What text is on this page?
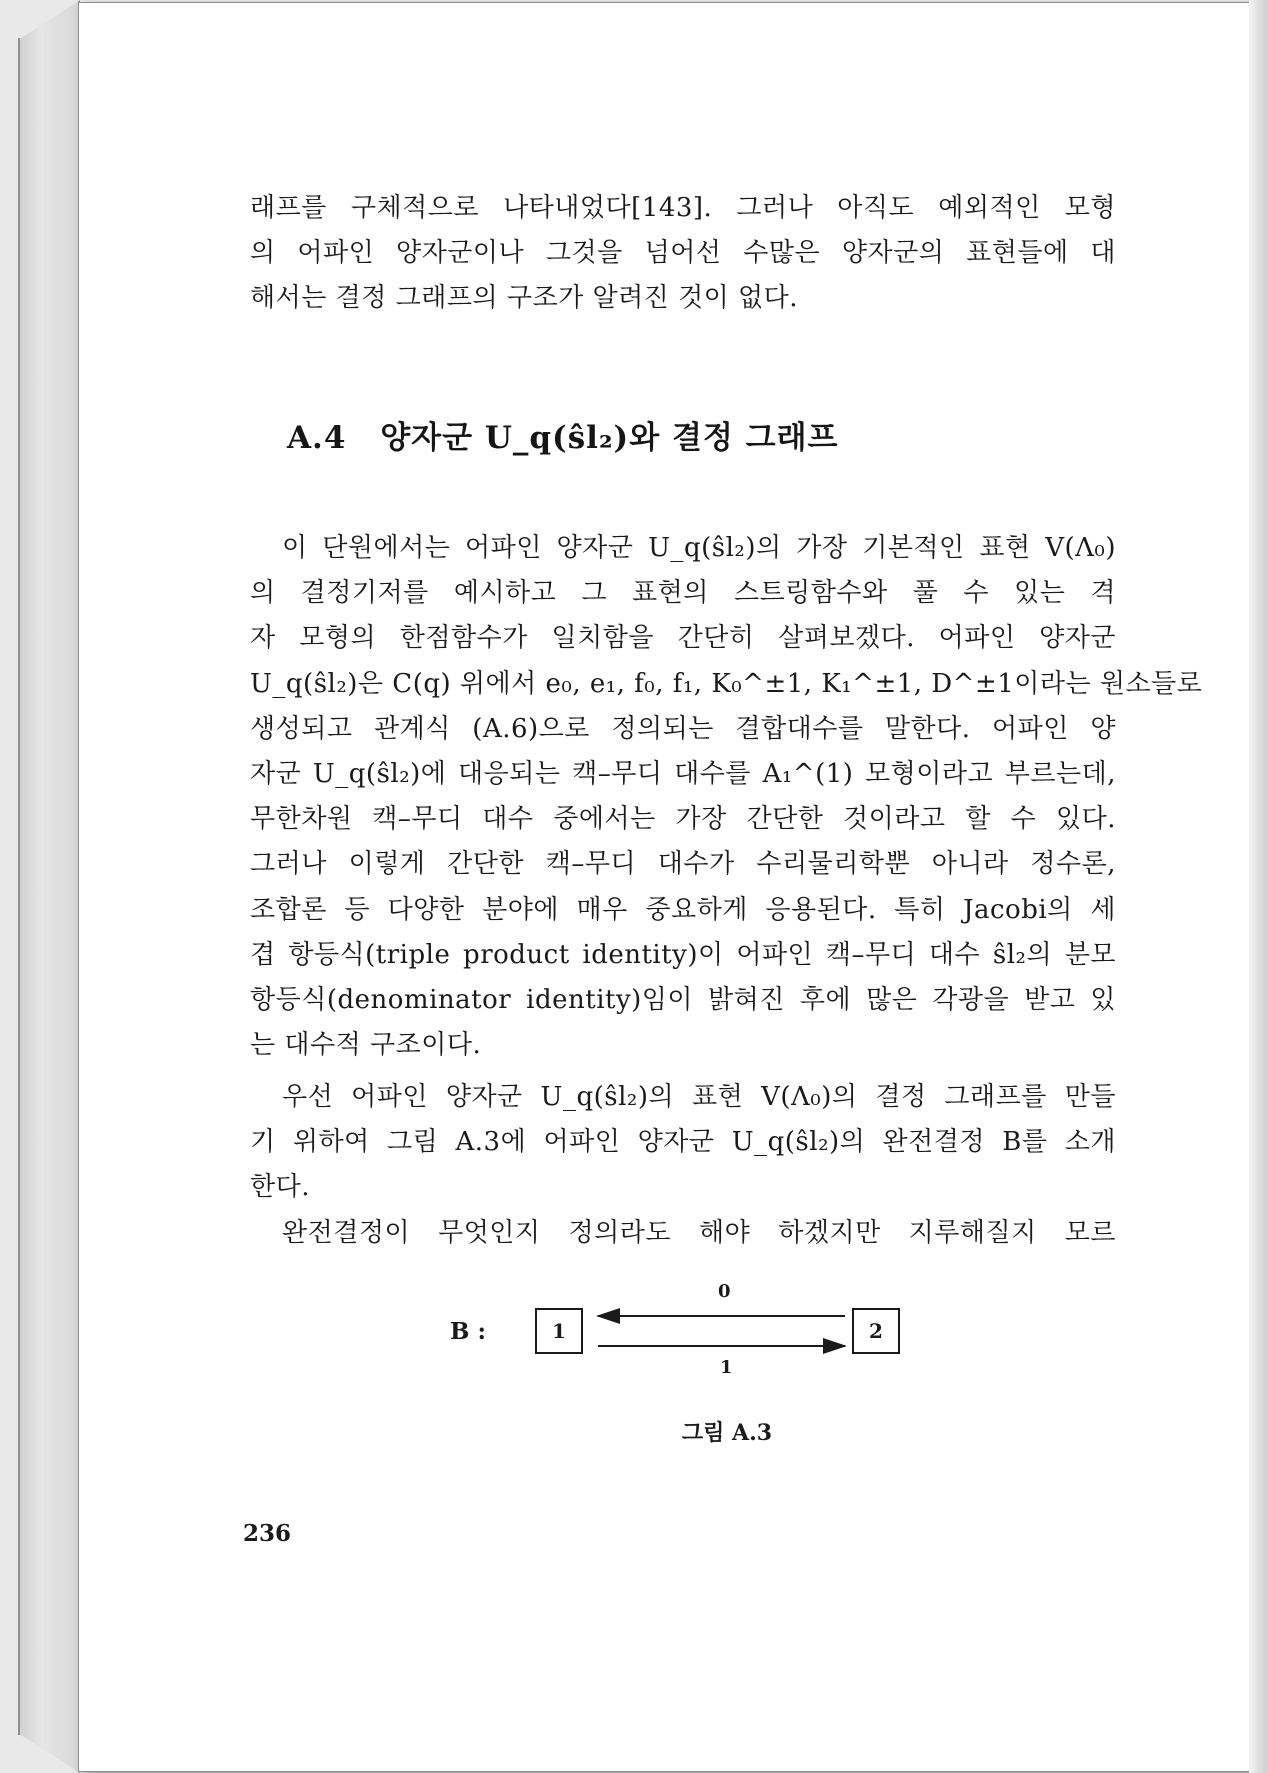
래프를 구체적으로 나타내었다[143]. 그러나 아직도 예외적인 모형
의 어파인 양자군이나 그것을 넘어선 수많은 양자군의 표현들에 대
해서는 결정 그래프의 구조가 알려진 것이 없다.
A.4 양자군 U_q(ŝl₂)와 결정 그래프
이 단원에서는 어파인 양자군 U_q(ŝl₂)의 가장 기본적인 표현 V(Λ₀)
의 결정기저를 예시하고 그 표현의 스트링함수와 풀 수 있는 격
자 모형의 한점함수가 일치함을 간단히 살펴보겠다. 어파인 양자군
U_q(ŝl₂)은 C(q) 위에서 e₀, e₁, f₀, f₁, K₀^±1, K₁^±1, D^±1이라는 원소들로
생성되고 관계식 (A.6)으로 정의되는 결합대수를 말한다. 어파인 양
자군 U_q(ŝl₂)에 대응되는 캑–무디 대수를 A₁^(1) 모형이라고 부르는데,
무한차원 캑–무디 대수 중에서는 가장 간단한 것이라고 할 수 있다.
그러나 이렇게 간단한 캑–무디 대수가 수리물리학뿐 아니라 정수론,
조합론 등 다양한 분야에 매우 중요하게 응용된다. 특히 Jacobi의 세
겹 항등식(triple product identity)이 어파인 캑–무디 대수 ŝl₂의 분모
항등식(denominator identity)임이 밝혀진 후에 많은 각광을 받고 있
는 대수적 구조이다.
우선 어파인 양자군 U_q(ŝl₂)의 표현 V(Λ₀)의 결정 그래프를 만들
기 위하여 그림 A.3에 어파인 양자군 U_q(ŝl₂)의 완전결정 B를 소개
한다.
완전결정이 무엇인지 정의라도 해야 하겠지만 지루해질지 모르
B :	1	2
0
1
그림 A.3
236
